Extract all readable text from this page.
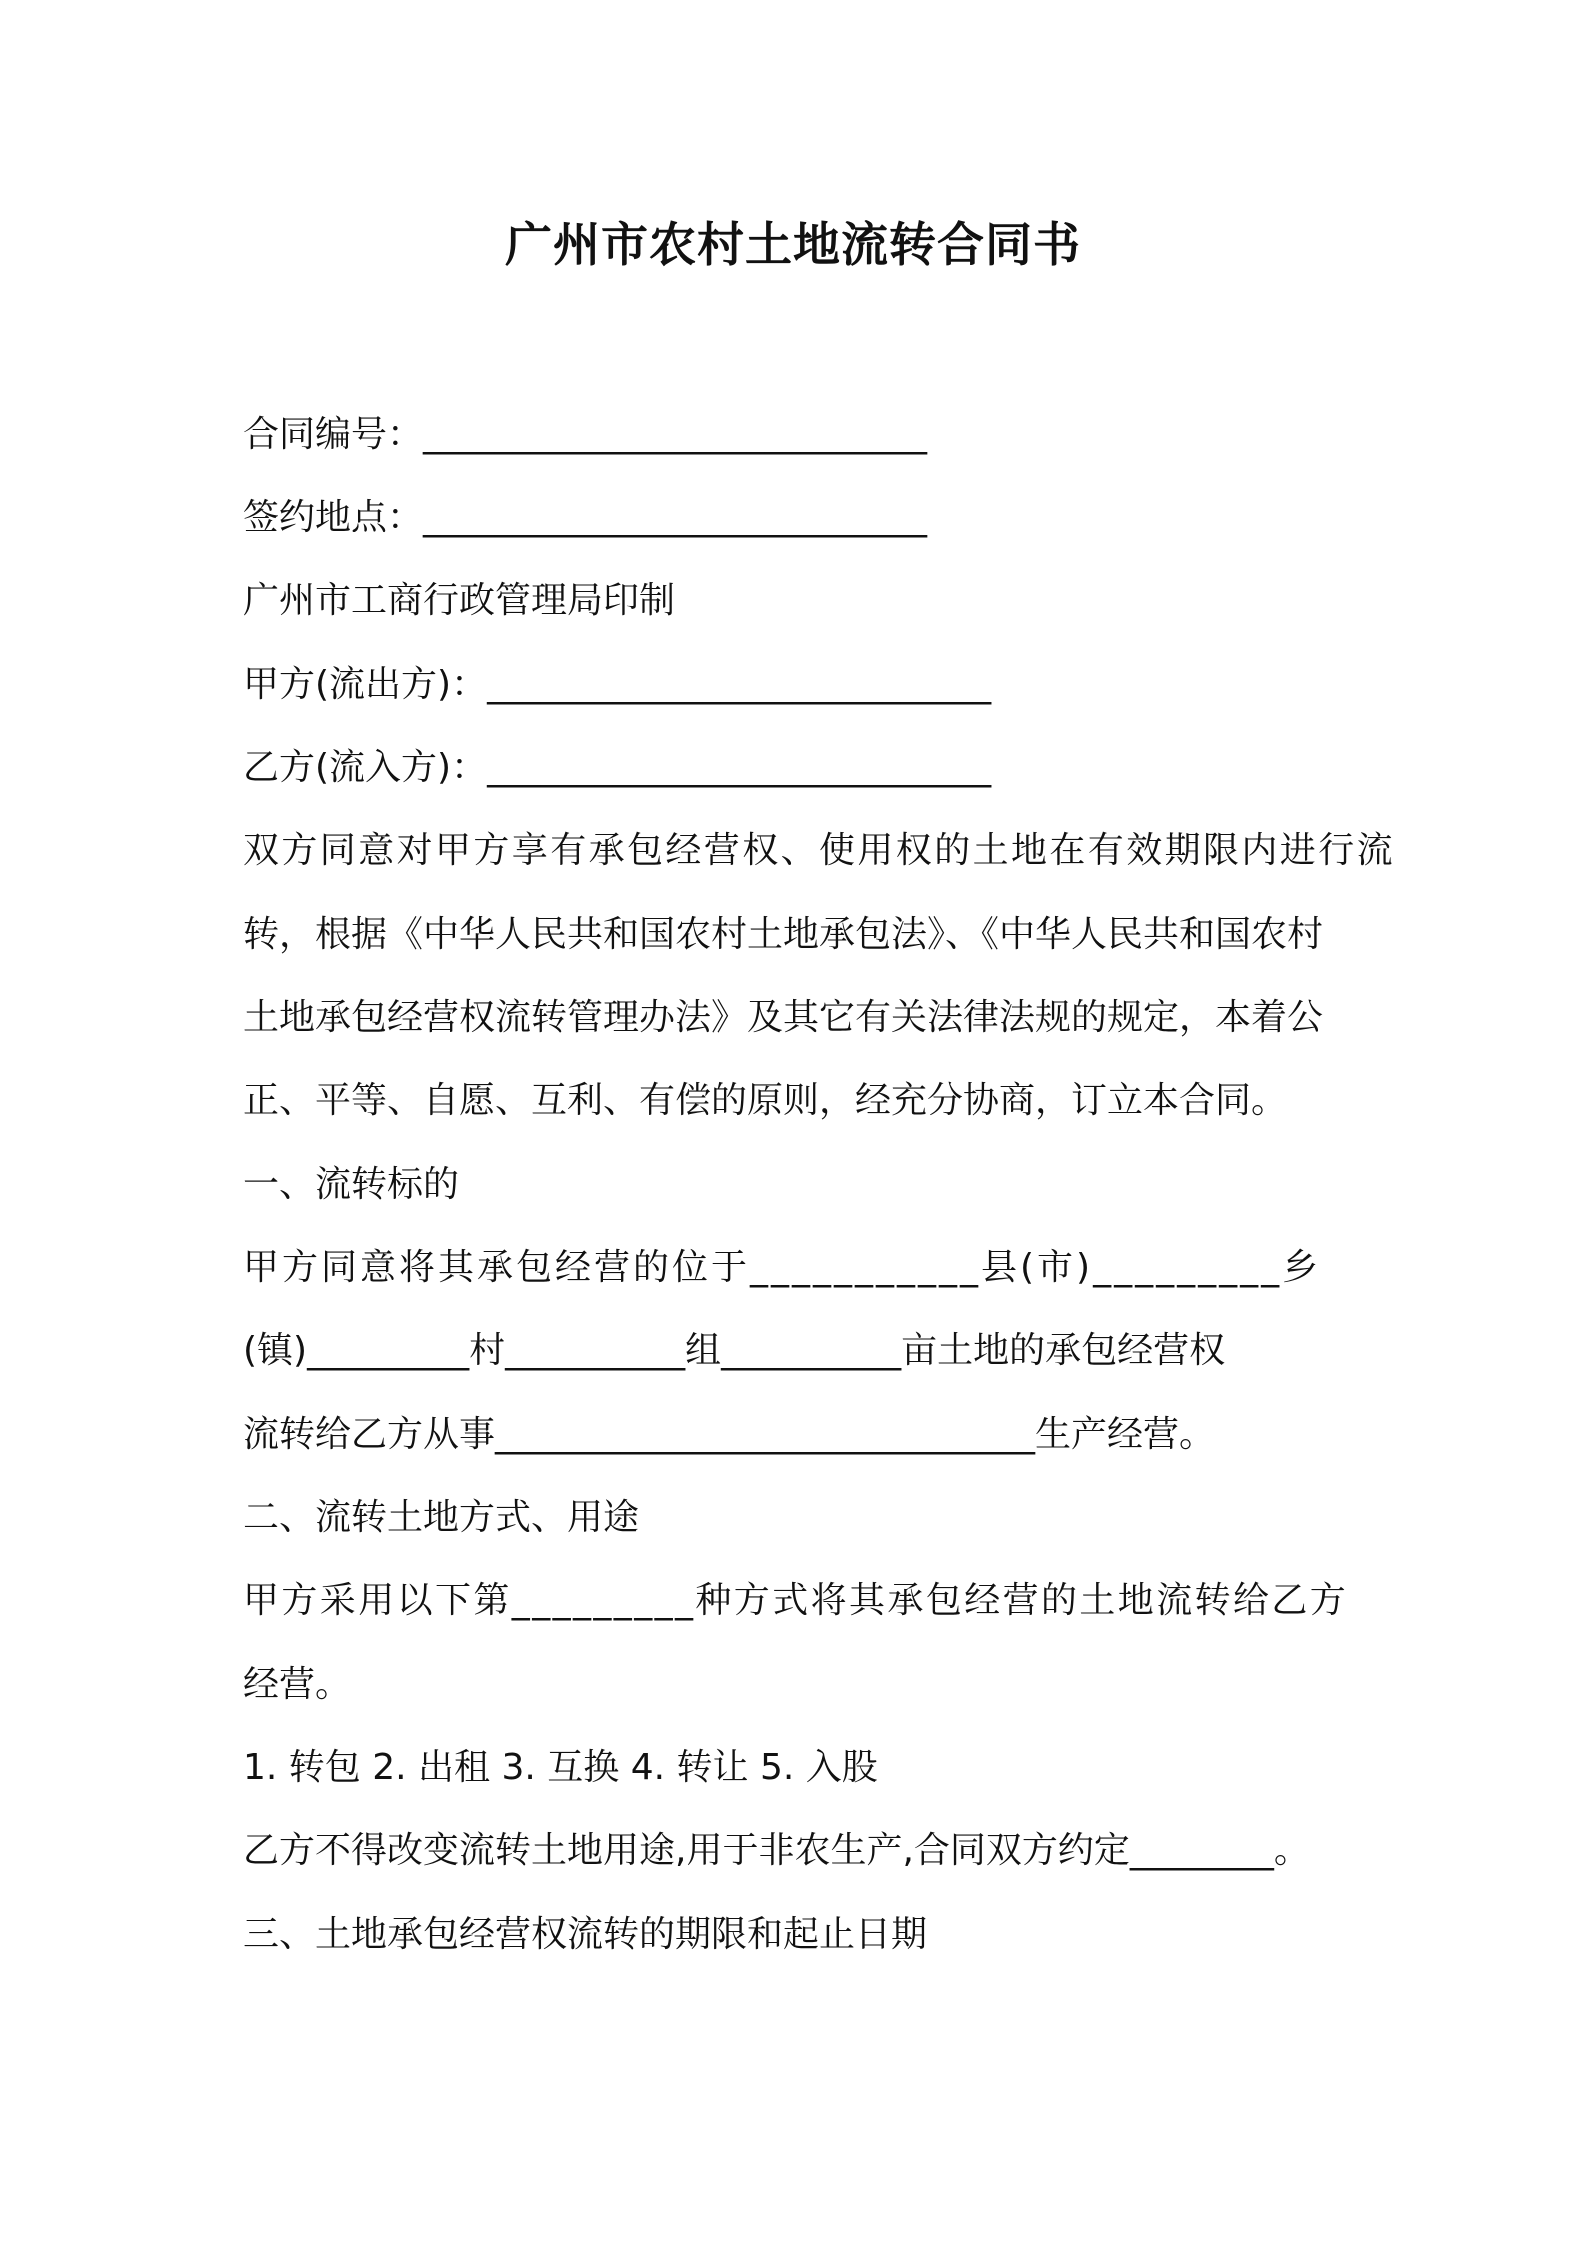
广州市农村土地流转合同书
合同编号：____________________________
签约地点：____________________________
广州市工商行政管理局印制
甲方(流出方)：____________________________
乙方(流入方)：____________________________
双方同意对甲方享有承包经营权、使用权的土地在有效期限内进行流
转，根据《中华人民共和国农村土地承包法》、《中华人民共和国农村
土地承包经营权流转管理办法》及其它有关法律法规的规定，本着公
正、平等、自愿、互利、有偿的原则，经充分协商，订立本合同。
一、流转标的
甲方同意将其承包经营的位于___________县(市)_________乡
(镇)_________村__________组__________亩土地的承包经营权
流转给乙方从事______________________________生产经营。
二、流转土地方式、用途
甲方采用以下第_________种方式将其承包经营的土地流转给乙方
经营。
1. 转包 2. 出租 3. 互换 4. 转让 5. 入股
乙方不得改变流转土地用途,用于非农生产,合同双方约定________。
三、土地承包经营权流转的期限和起止日期
